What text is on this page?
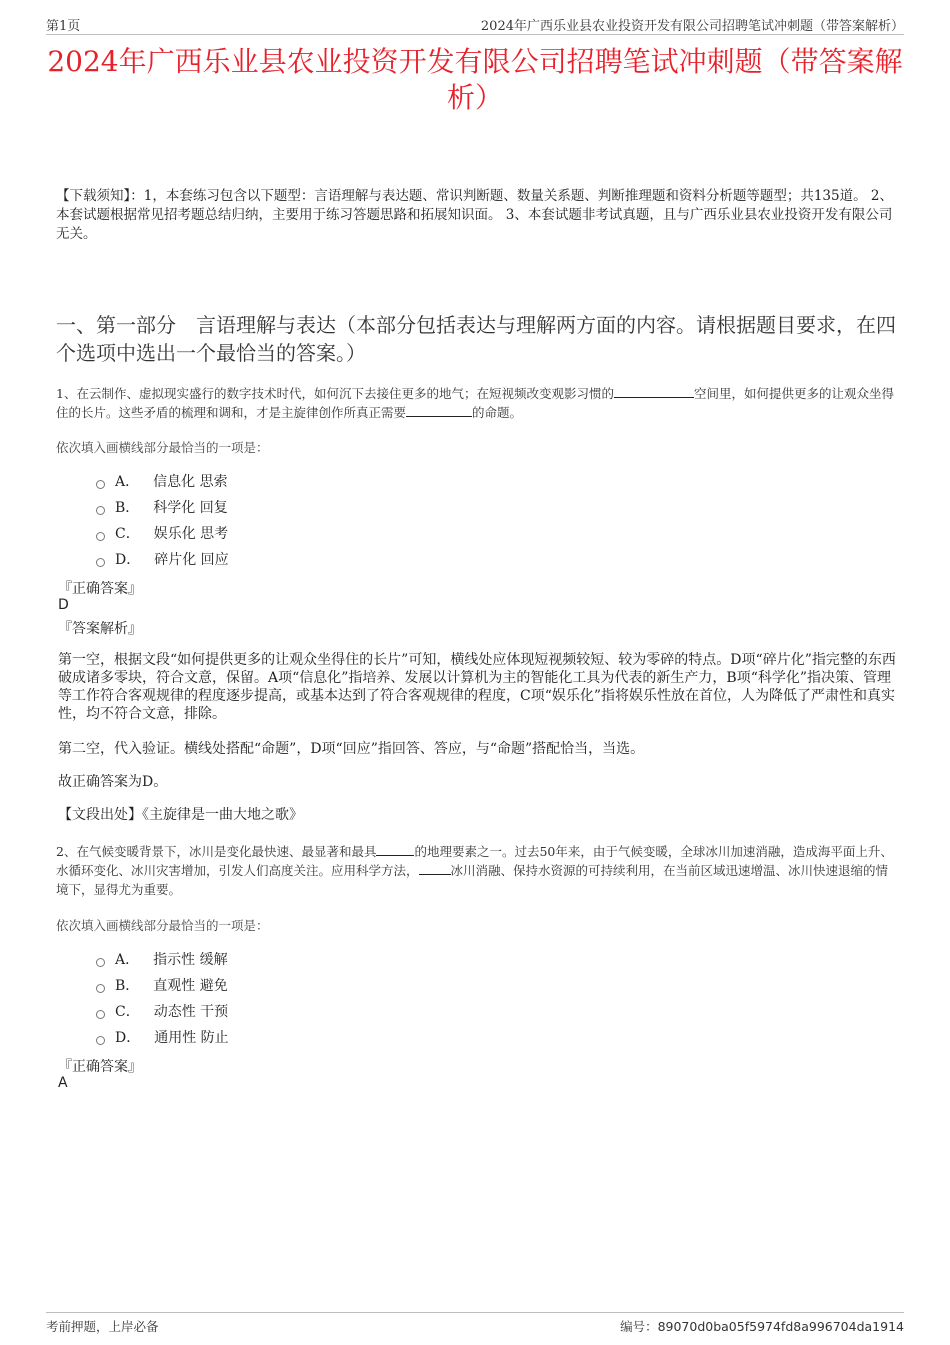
第1页	2024年广西乐业县农业投资开发有限公司招聘笔试冲刺题（带答案解析）
2024年广西乐业县农业投资开发有限公司招聘笔试冲刺题（带答案解析）
【下载须知】：1，本套练习包含以下题型：言语理解与表达题、常识判断题、数量关系题、判断推理题和资料分析题等题型；共135道。 2、本套试题根据常见招考题总结归纳，主要用于练习答题思路和拓展知识面。 3、本套试题非考试真题，且与广西乐业县农业投资开发有限公司无关。
一、第一部分　言语理解与表达（本部分包括表达与理解两方面的内容。请根据题目要求，在四个选项中选出一个最恰当的答案。）
1、在云制作、虚拟现实盛行的数字技术时代，如何沉下去接住更多的地气；在短视频改变观影习惯的	空间里，如何提供更多的让观众坐得住的长片。这些矛盾的梳理和调和，才是主旋律创作所真正需要	的命题。
依次填入画横线部分最恰当的一项是：
A． 信息化 思索
B． 科学化 回复
C． 娱乐化 思考
D． 碎片化 回应
『正确答案』
D
『答案解析』
第一空，根据文段“如何提供更多的让观众坐得住的长片”可知，横线处应体现短视频较短、较为零碎的特点。D项“碎片化”指完整的东西破成诸多零块，符合文意，保留。A项“信息化”指培养、发展以计算机为主的智能化工具为代表的新生产力，B项“科学化”指决策、管理等工作符合客观规律的程度逐步提高，或基本达到了符合客观规律的程度，C项“娱乐化”指将娱乐性放在首位，人为降低了严肃性和真实性，均不符合文意，排除。
第二空，代入验证。横线处搭配“命题”，D项“回应”指回答、答应，与“命题”搭配恰当，当选。
故正确答案为D。
【文段出处】《主旋律是一曲大地之歌》
2、在气候变暖背景下，冰川是变化最快速、最显著和最具	的地理要素之一。过去50年来，由于气候变暖，全球冰川加速消融，造成海平面上升、水循环变化、冰川灾害增加，引发人们高度关注。应用科学方法，	冰川消融、保持水资源的可持续利用，在当前区域迅速增温、冰川快速退缩的情境下，显得尤为重要。
依次填入画横线部分最恰当的一项是：
A． 指示性 缓解
B． 直观性 避免
C． 动态性 干预
D． 通用性 防止
『正确答案』
A
考前押题，上岸必备	编号：89070d0ba05f5974fd8a996704da1914
